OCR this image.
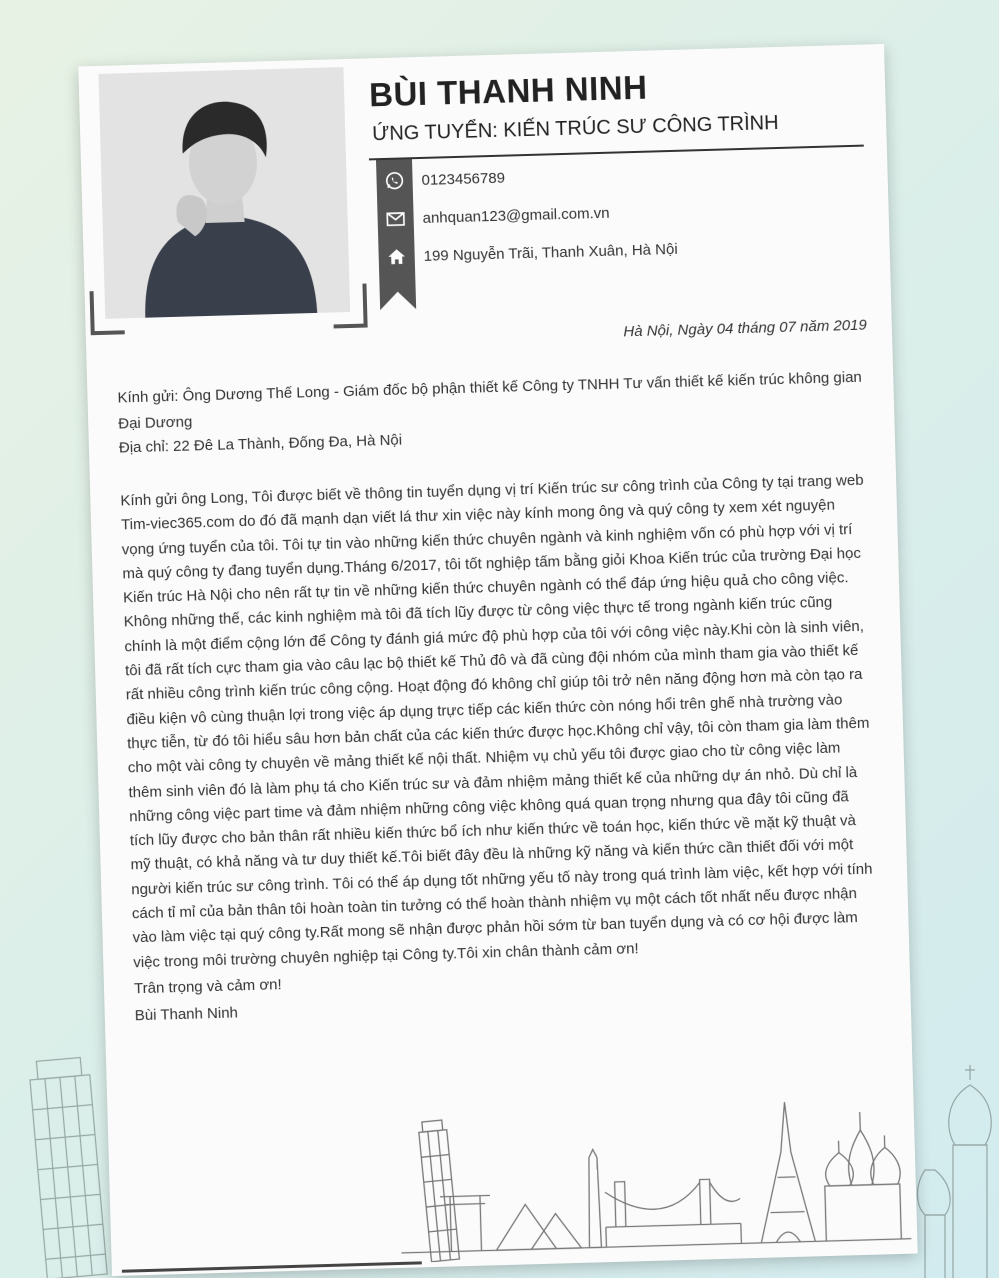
BÙI THANH NINH
ỨNG TUYỂN: KIẾN TRÚC SƯ CÔNG TRÌNH
0123456789
anhquan123@gmail.com.vn
199 Nguyễn Trãi, Thanh Xuân, Hà Nội
Hà Nội, Ngày 04 tháng 07 năm 2019
Kính gửi: Ông Dương Thế Long - Giám đốc bộ phận thiết kế Công ty TNHH Tư vấn thiết kế kiến trúc không gian Đại Dương
Địa chỉ: 22 Đê La Thành, Đống Đa, Hà Nội
Kính gửi ông Long, Tôi được biết về thông tin tuyển dụng vị trí Kiến trúc sư công trình của Công ty tại trang web Tim-viec365.com do đó đã mạnh dạn viết lá thư xin việc này kính mong ông và quý công ty xem xét nguyện vọng ứng tuyển của tôi. Tôi tự tin vào những kiến thức chuyên ngành và kinh nghiệm vốn có phù hợp với vị trí mà quý công ty đang tuyển dụng.Tháng 6/2017, tôi tốt nghiệp tấm bằng giỏi Khoa Kiến trúc của trường Đại học Kiến trúc Hà Nội cho nên rất tự tin về những kiến thức chuyên ngành có thể đáp ứng hiệu quả cho công việc. Không những thế, các kinh nghiệm mà tôi đã tích lũy được từ công việc thực tế trong ngành kiến trúc cũng chính là một điểm cộng lớn để Công ty đánh giá mức độ phù hợp của tôi với công việc này.Khi còn là sinh viên, tôi đã rất tích cực tham gia vào câu lạc bộ thiết kế Thủ đô và đã cùng đội nhóm của mình tham gia vào thiết kế rất nhiều công trình kiến trúc công cộng. Hoạt động đó không chỉ giúp tôi trở nên năng động hơn mà còn tạo ra điều kiện vô cùng thuận lợi trong việc áp dụng trực tiếp các kiến thức còn nóng hổi trên ghế nhà trường vào thực tiễn, từ đó tôi hiểu sâu hơn bản chất của các kiến thức được học.Không chỉ vậy, tôi còn tham gia làm thêm cho một vài công ty chuyên về mảng thiết kế nội thất. Nhiệm vụ chủ yếu tôi được giao cho từ công việc làm thêm sinh viên đó là làm phụ tá cho Kiến trúc sư và đảm nhiệm mảng thiết kế của những dự án nhỏ. Dù chỉ là những công việc part time và đảm nhiệm những công việc không quá quan trọng nhưng qua đây tôi cũng đã tích lũy được cho bản thân rất nhiều kiến thức bổ ích như kiến thức về toán học, kiến thức về mặt kỹ thuật và mỹ thuật, có khả năng và tư duy thiết kế.Tôi biết đây đều là những kỹ năng và kiến thức cần thiết đối với một người kiến trúc sư công trình. Tôi có thể áp dụng tốt những yếu tố này trong quá trình làm việc, kết hợp với tính cách tỉ mỉ của bản thân tôi hoàn toàn tin tưởng có thể hoàn thành nhiệm vụ một cách tốt nhất nếu được nhận vào làm việc tại quý công ty.Rất mong sẽ nhận được phản hồi sớm từ ban tuyển dụng và có cơ hội được làm việc trong môi trường chuyên nghiệp tại Công ty.Tôi xin chân thành cảm ơn!
Trân trọng và cảm ơn!
Bùi Thanh Ninh
